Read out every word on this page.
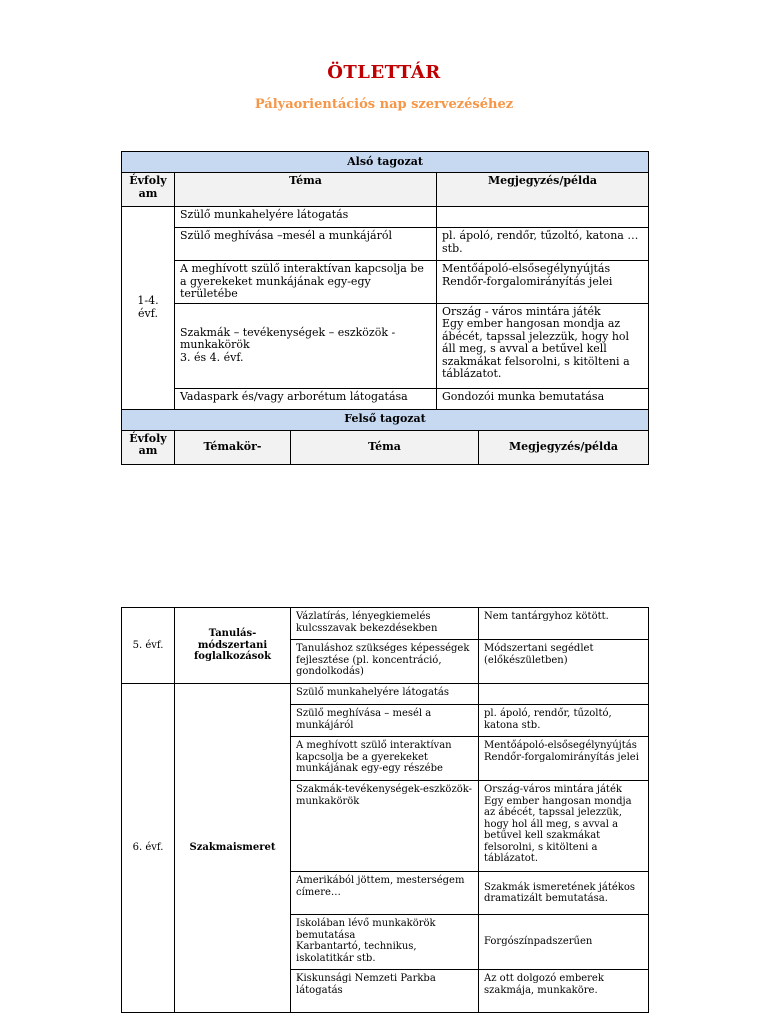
ÖTLETTÁR
Pályaorientációs nap szervezéséhez
Alsó tagozat				
Évfoly am	Téma		Megjegyzés/példa	
1-4.
évf.	Szülő munkahelyére látogatás			
	Szülő meghívása –mesél a munkájáról		pl. ápoló, rendőr, tűzoltó, katona … stb.	
	A meghívott szülő interaktívan kapcsolja be a gyerekeket munkájának egy-egy területébe		Mentőápoló-elsősegélynyújtás
Rendőr-forgalomirányítás jelei	
	Szakmák – tevékenységek – eszközök - munkakörök
3. és 4. évf.		Ország - város mintára játék
Egy ember hangosan mondja az ábécét, tapssal jelezzük, hogy hol áll meg, s avval a betűvel kell szakmákat felsorolni, s kitölteni a táblázatot.	
	Vadaspark és/vagy arborétum látogatása		Gondozói munka bemutatása	
Felső tagozat				
Évfoly am	Témakör-	Téma		Megjegyzés/példa
5. évf.	Tanulás-
módszertani
foglalkozások	Vázlatírás, lényegkiemelés kulcsszavak bekezdésekben	Nem tantárgyhoz kötött.
		Tanuláshoz szükséges képességek fejlesztése (pl. koncentráció, gondolkodás)	Módszertani segédlet
(előkészületben)
6. évf.	Szakmaismeret	Szülő munkahelyére látogatás	
		Szülő meghívása – mesél a munkájáról	pl. ápoló, rendőr, tűzoltó, katona stb.
		A meghívott szülő interaktívan kapcsolja be a gyerekeket munkájának egy-egy részébe	Mentőápoló-elsősegélynyújtás
Rendőr-forgalomirányítás jelei
		Szakmák-tevékenységek-eszközök-munkakörök	Ország-város mintára játék
Egy ember hangosan mondja az ábécét, tapssal jelezzük, hogy hol áll meg, s avval a betűvel kell szakmákat felsorolni, s kitölteni a táblázatot.
		Amerikából jöttem, mesterségem címere…	Szakmák ismeretének játékos dramatizált bemutatása.
		Iskolában lévő munkakörök bemutatása
Karbantartó, technikus, iskolatitkár stb.	Forgószínpadszerűen
		Kiskunsági Nemzeti Parkba látogatás	Az ott dolgozó emberek szakmája, munkaköre.
